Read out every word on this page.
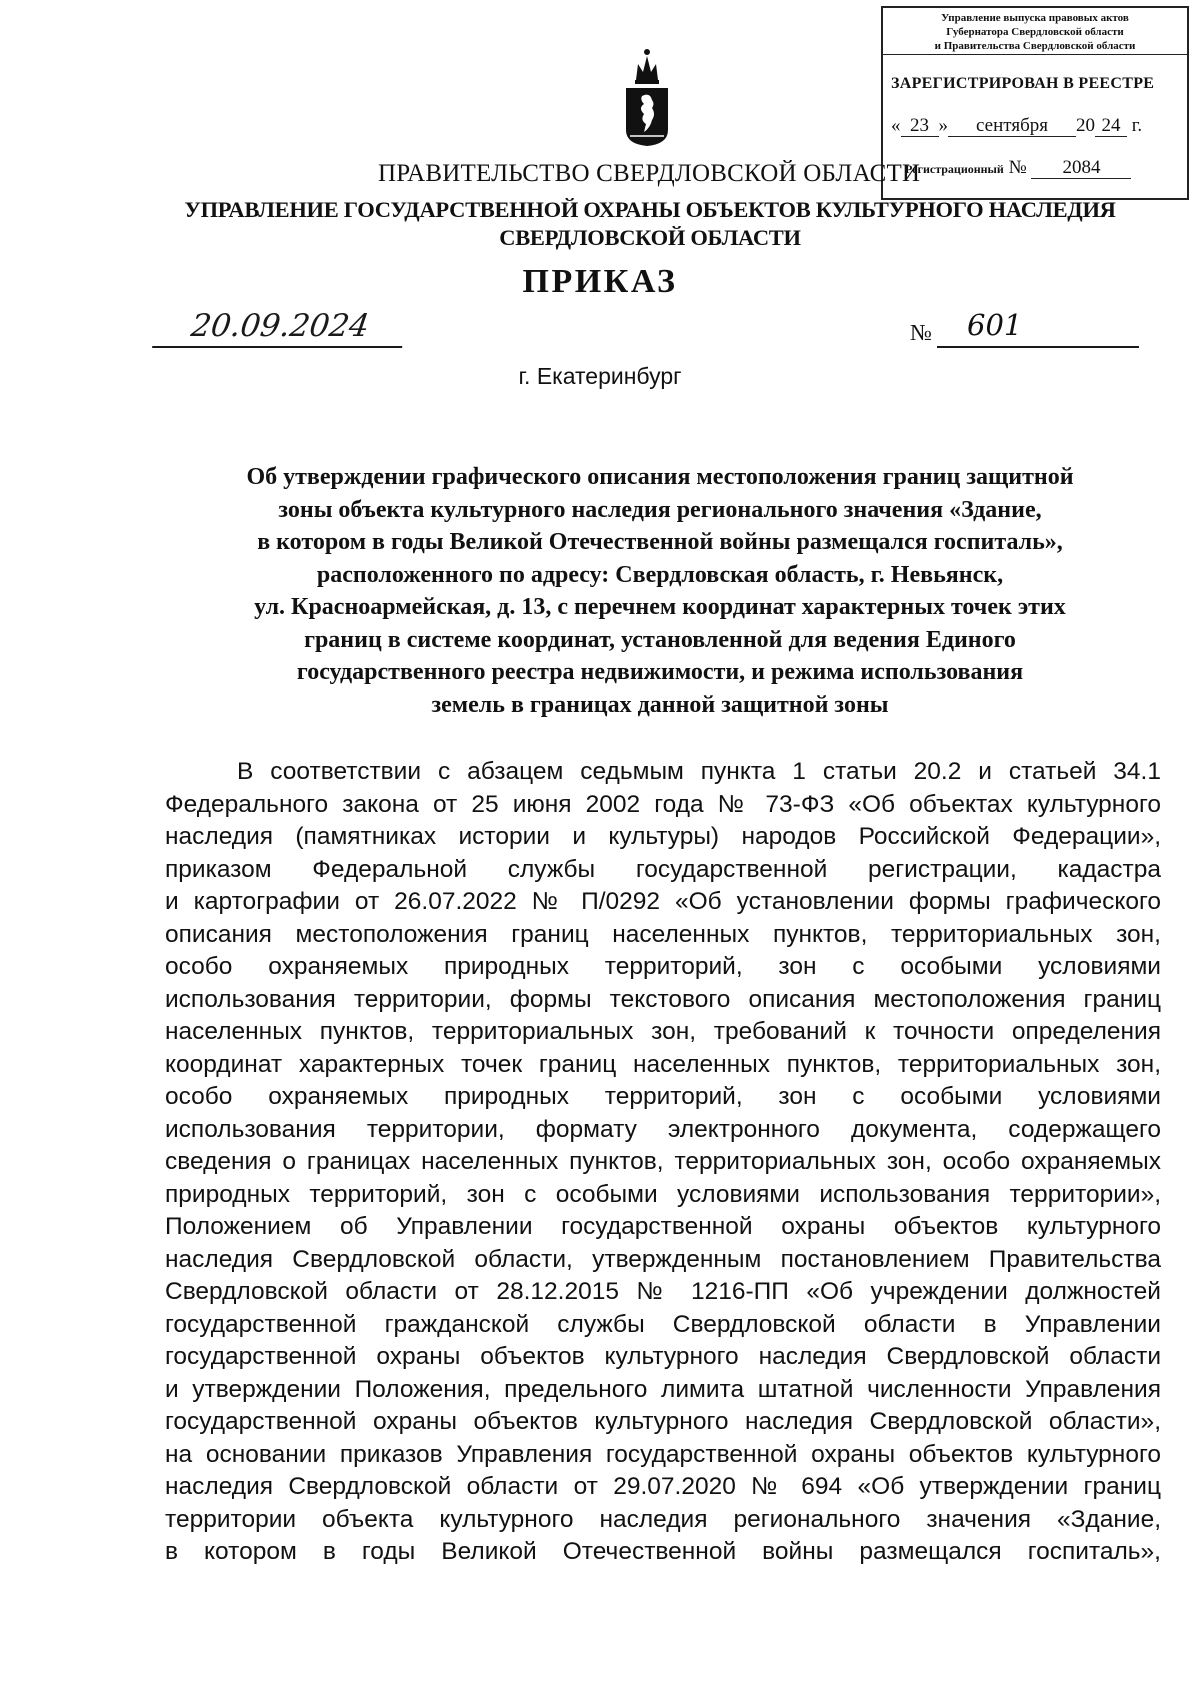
Управление выпуска правовых актов
Губернатора Свердловской области
и Правительства Свердловской области
ЗАРЕГИСТРИРОВАН В РЕЕСТРЕ
« 23 » сентября 20 24 г.
Регистрационный № 2084
ПРАВИТЕЛЬСТВО СВЕРДЛОВСКОЙ ОБЛАСТИ
УПРАВЛЕНИЕ ГОСУДАРСТВЕННОЙ ОХРАНЫ ОБЪЕКТОВ КУЛЬТУРНОГО НАСЛЕДИЯ
СВЕРДЛОВСКОЙ ОБЛАСТИ
ПРИКАЗ
20.09.2024	№	601
г. Екатеринбург
Об утверждении графического описания местоположения границ защитной
зоны объекта культурного наследия регионального значения «Здание,
в котором в годы Великой Отечественной войны размещался госпиталь»,
расположенного по адресу: Свердловская область, г. Невьянск,
ул. Красноармейская, д. 13, с перечнем координат характерных точек этих
границ в системе координат, установленной для ведения Единого
государственного реестра недвижимости, и режима использования
земель в границах данной защитной зоны
В соответствии с абзацем седьмым пункта 1 статьи 20.2 и статьей 34.1
Федерального закона от 25 июня 2002 года № 73-ФЗ «Об объектах культурного
наследия (памятниках истории и культуры) народов Российской Федерации»,
приказом Федеральной службы государственной регистрации, кадастра
и картографии от 26.07.2022 № П/0292 «Об установлении формы графического
описания местоположения границ населенных пунктов, территориальных зон,
особо охраняемых природных территорий, зон с особыми условиями
использования территории, формы текстового описания местоположения границ
населенных пунктов, территориальных зон, требований к точности определения
координат характерных точек границ населенных пунктов, территориальных зон,
особо охраняемых природных территорий, зон с особыми условиями
использования территории, формату электронного документа, содержащего
сведения о границах населенных пунктов, территориальных зон, особо охраняемых
природных территорий, зон с особыми условиями использования территории»,
Положением об Управлении государственной охраны объектов культурного
наследия Свердловской области, утвержденным постановлением Правительства
Свердловской области от 28.12.2015 № 1216-ПП «Об учреждении должностей
государственной гражданской службы Свердловской области в Управлении
государственной охраны объектов культурного наследия Свердловской области
и утверждении Положения, предельного лимита штатной численности Управления
государственной охраны объектов культурного наследия Свердловской области»,
на основании приказов Управления государственной охраны объектов культурного
наследия Свердловской области от 29.07.2020 № 694 «Об утверждении границ
территории объекта культурного наследия регионального значения «Здание,
в котором в годы Великой Отечественной войны размещался госпиталь»,
